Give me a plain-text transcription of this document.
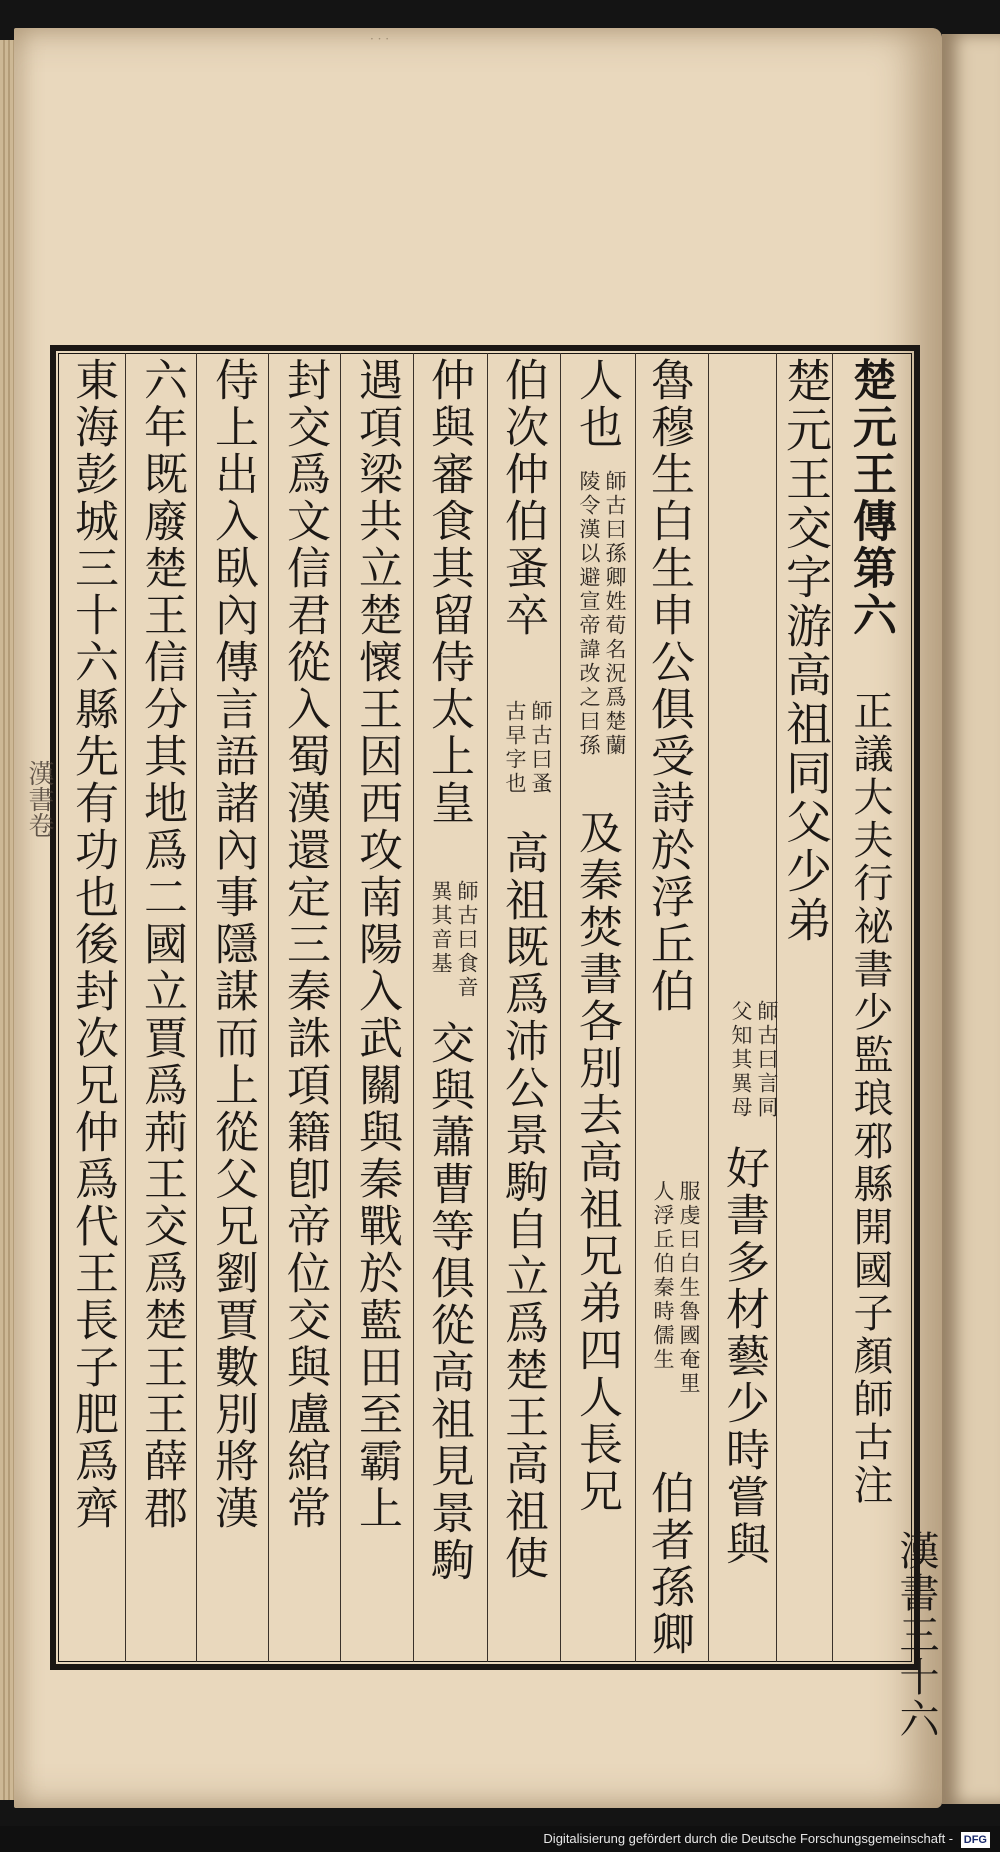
· · ·
楚元王傳第六
正議大夫行祕書少監琅邪縣開國子顏師古注
楚元王交字游高祖同父少弟
師古曰言同
父知其異母
好書多材藝少時嘗與
魯穆生白生申公俱受詩於浮丘伯
服虔曰白生魯國奄里
人浮丘伯秦時儒生
伯者孫卿
人也
師古曰孫卿姓荀名況爲楚蘭
陵令漢以避宣帝諱改之曰孫
及秦焚書各別去高祖兄弟四人長兄
伯次仲伯蚤卒
師古曰蚤
古早字也
高祖既爲沛公景駒自立爲楚王高祖使
仲與審食其留侍太上皇
師古曰食音
異其音基
交與蕭曹等俱從高祖見景駒
遇項梁共立楚懷王因西攻南陽入武關與秦戰於藍田至霸上
封交爲文信君從入蜀漢還定三秦誅項籍卽帝位交與盧綰常
侍上出入臥內傳言語諸內事隱謀而上從父兄劉賈數別將漢
六年既廢楚王信分其地爲二國立賈爲荊王交爲楚王王薛郡
東海彭城三十六縣先有功也後封次兄仲爲代王長子肥爲齊
漢書三十六
漢書卷
Digitalisierung gefördert durch die Deutsche Forschungsgemeinschaft - DFG
